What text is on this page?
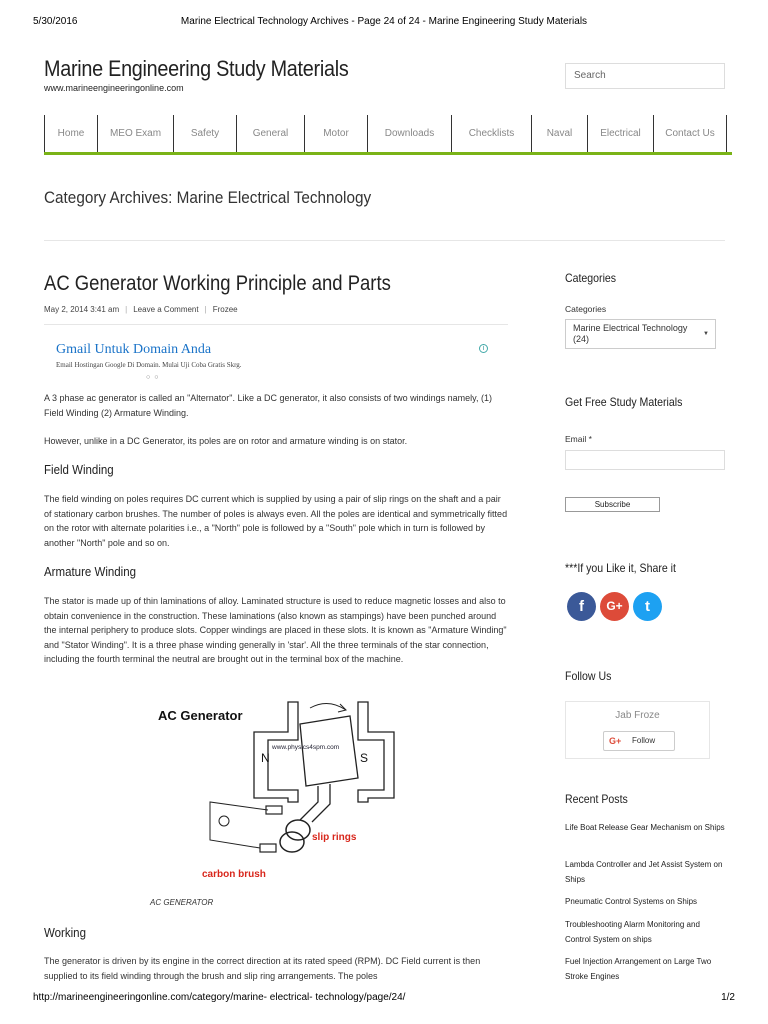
5/30/2016	Marine Electrical Technology Archives - Page 24 of 24 - Marine Engineering Study Materials
Marine Engineering Study Materials
www.marineengineeringonline.com
Search
Home	MEO Exam	Safety	General	Motor	Downloads	Checklists	Naval	Electrical	Contact Us
Category Archives: Marine Electrical Technology
AC Generator Working Principle and Parts
May 2, 2014 3:41 am | Leave a Comment | Frozee
Gmail Untuk Domain Anda
Email Hostingan Google Di Domain. Mulai Uji Coba Gratis Skrg.
i
○○
A 3 phase ac generator is called an "Alternator". Like a DC generator, it also consists of two windings namely, (1) Field Winding (2) Armature Winding.
However, unlike in a DC Generator, its poles are on rotor and armature winding is on stator.
Field Winding
The field winding on poles requires DC current which is supplied by using a pair of slip rings on the shaft and a pair of stationary carbon brushes. The number of poles is always even. All the poles are identical and symmetrically fitted on the rotor with alternate polarities i.e., a "North" pole is followed by a "South" pole which in turn is followed by another "North" pole and so on.
Armature Winding
The stator is made up of thin laminations of alloy. Laminated structure is used to reduce magnetic losses and also to obtain convenience in the construction. These laminations (also known as stampings) have been punched around the internal periphery to produce slots. Copper windings are placed in these slots. It is known as "Armature Winding" and "Stator Winding". It is a three phase winding generally in 'star'. All the three terminals of the star connection, including the fourth terminal the neutral are brought out in the terminal box of the machine.
AC Generator
N	S
www.physics4spm.com
slip rings
carbon brush
AC GENERATOR
Working
The generator is driven by its engine in the correct direction at its rated speed (RPM). DC Field current is then supplied to its field winding through the brush and slip ring arrangements. The poles
Categories
Categories
Marine Electrical Technology (24)	▼
Get Free Study Materials
Email *
Subscribe
***If you Like it, Share it
f	G+	t
Follow Us
Jab Froze
G+ Follow
Recent Posts
Life Boat Release Gear Mechanism on Ships
Lambda Controller and Jet Assist System on Ships
Pneumatic Control Systems on Ships
Troubleshooting Alarm Monitoring and Control System on ships
Fuel Injection Arrangement on Large Two Stroke Engines
http://marineengineeringonline.com/category/marine- electrical- technology/page/24/	1/2
